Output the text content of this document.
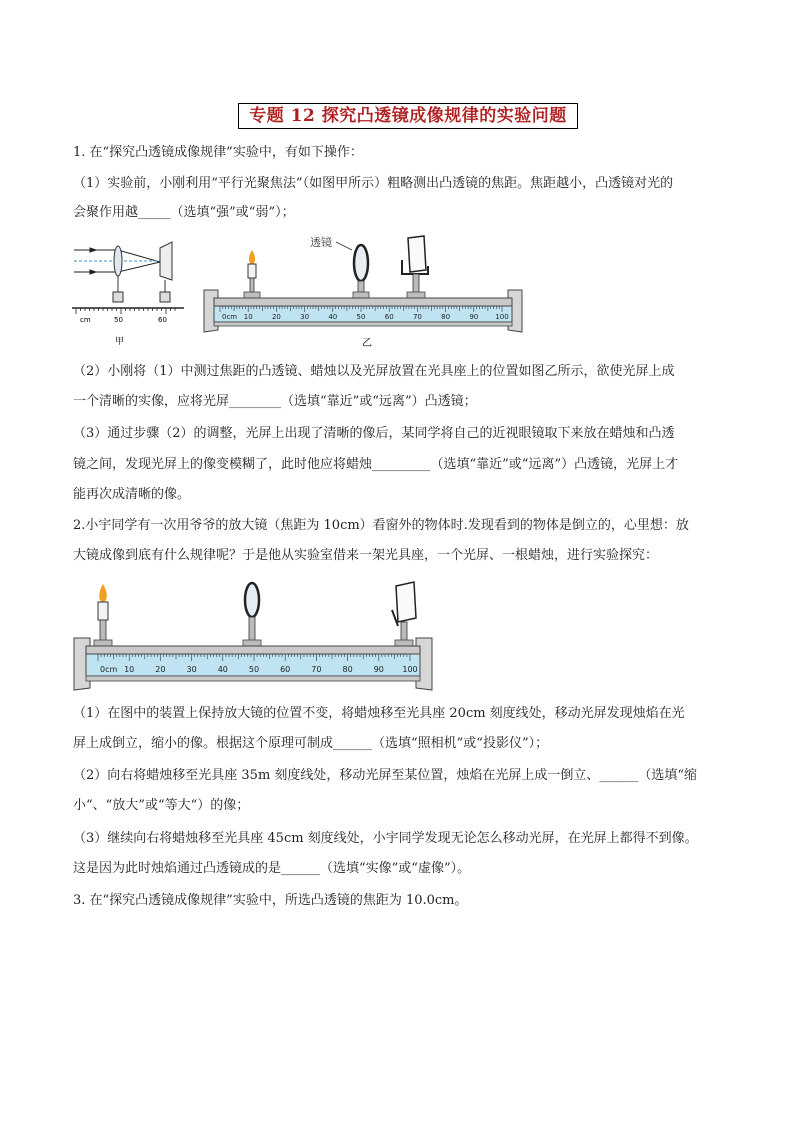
专题 12 探究凸透镜成像规律的实验问题
1. 在“探究凸透镜成像规律”实验中，有如下操作：
（1）实验前，小刚利用“平行光聚焦法”（如图甲所示）粗略测出凸透镜的焦距。焦距越小，凸透镜对光的
会聚作用越_____（选填“强”或“弱”）；
cm	50	60
甲
透镜
0cm 10	20	30	40	50	60	70	80	90 100
乙
（2）小刚将（1）中测过焦距的凸透镜、蜡烛以及光屏放置在光具座上的位置如图乙所示，欲使光屏上成
一个清晰的实像，应将光屏________（选填“靠近”或“远离”）凸透镜；
（3）通过步骤（2）的调整，光屏上出现了清晰的像后，某同学将自己的近视眼镜取下来放在蜡烛和凸透
镜之间，发现光屏上的像变模糊了，此时他应将蜡烛_________（选填“靠近”或“远离”）凸透镜，光屏上才
能再次成清晰的像。
2.小宇同学有一次用爷爷的放大镜（焦距为 10cm）看窗外的物体时.发现看到的物体是倒立的，心里想：放
大镜成像到底有什么规律呢？于是他从实验室借来一架光具座，一个光屏、一根蜡烛，进行实验探究：
0cm 10	20	30	40	50	60	70	80	90 100
（1）在图中的装置上保持放大镜的位置不变，将蜡烛移至光具座 20cm 刻度线处，移动光屏发现烛焰在光
屏上成倒立，缩小的像。根据这个原理可制成______（选填“照相机”或“投影仪”）；
（2）向右将蜡烛移至光具座 35m 刻度线处，移动光屏至某位置，烛焰在光屏上成一倒立、______（选填“缩
小“、“放大”或“等大“）的像；
（3）继续向右将蜡烛移至光具座 45cm 刻度线处，小宇同学发现无论怎么移动光屏，在光屏上都得不到像。
这是因为此时烛焰通过凸透镜成的是______（选填“实像”或“虚像”）。
3. 在“探究凸透镜成像规律”实验中，所选凸透镜的焦距为 10.0cm。
